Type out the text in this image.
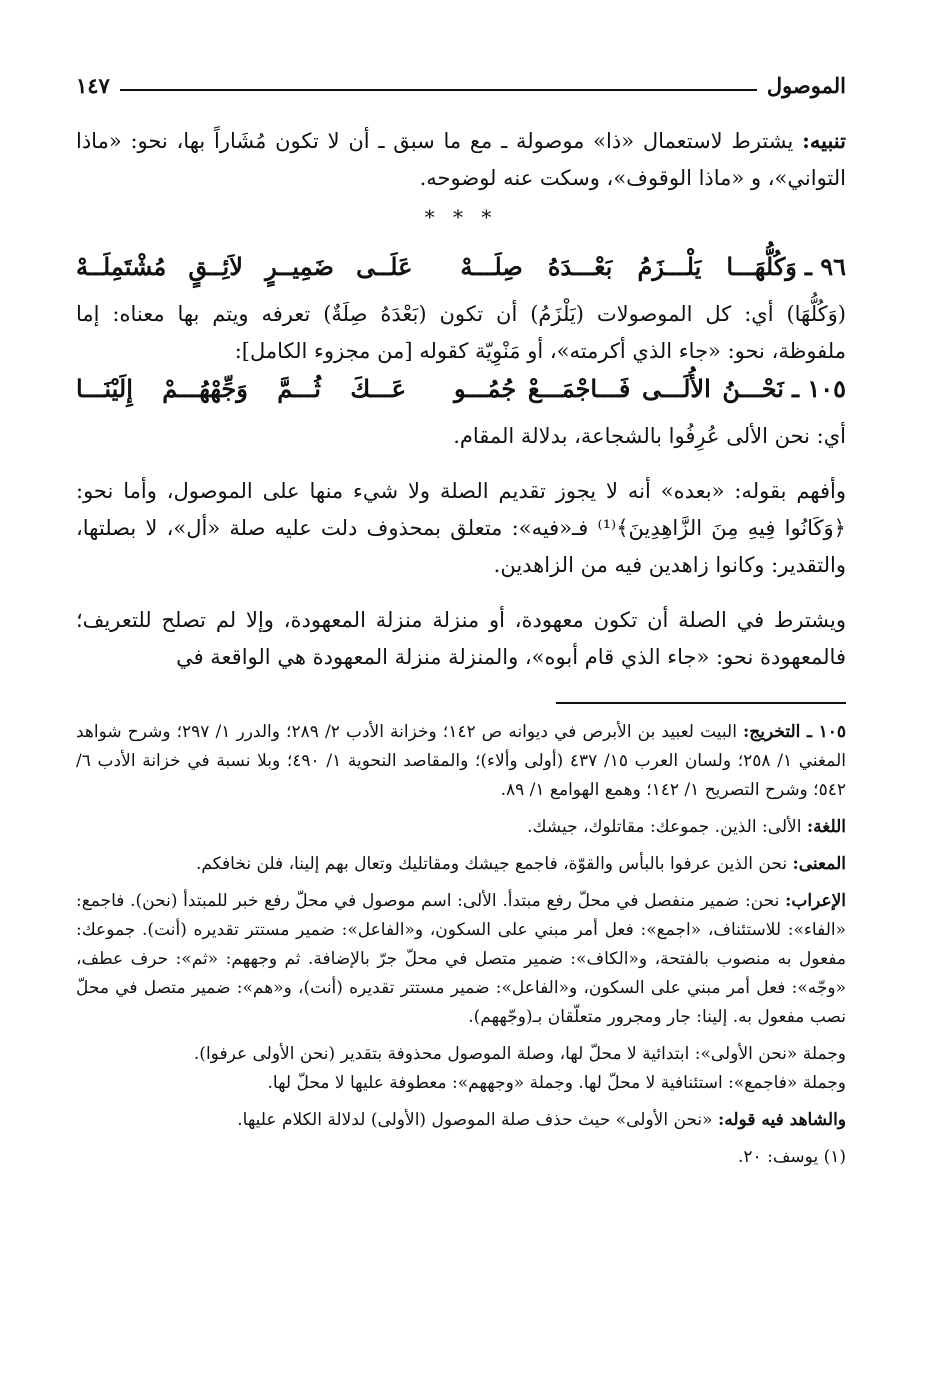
الموصول
١٤٧

تنبيه: يشترط لاستعمال «ذا» موصولة ـ مع ما سبق ـ أن لا تكون مُشَاراً بها، نحو: «ماذا التواني»، و «ماذا الوقوف»، وسكت عنه لوضوحه.

* * *
٩٦ ـ
وَكُلُّهَـــا يَلْـــزَمُ بَعْـــدَهُ صِلَـــهْ
عَلَــى ضَمِيــرٍ لاَئِــقٍ مُشْتَمِلَــهْ

(وَكُلُّهَا) أي: كل الموصولات (يَلْزَمُ) أن تكون (بَعْدَهُ صِلَةٌ) تعرفه ويتم بها معناه: إما ملفوظة، نحو: «جاء الذي أكرمته»، أو مَنْوِيّة كقوله [من مجزوء الكامل]:

١٠٥ ـ
نَحْـــنُ الأُلَـــى فَـــاجْمَـــعْ جُمُـــو
عَـــكَ ثُـــمَّ وَجِّهْهُـــمْ إِلَيْنَـــا

أي: نحن الألى عُرِفُوا بالشجاعة، بدلالة المقام.

وأفهم بقوله: «بعده» أنه لا يجوز تقديم الصلة ولا شيء منها على الموصول، وأما نحو: ﴿وَكَانُوا فِيهِ مِنَ الزَّاهِدِينَ﴾⁽¹⁾ فـ«فيه»: متعلق بمحذوف دلت عليه صلة «أل»، لا بصلتها، والتقدير: وكانوا زاهدين فيه من الزاهدين.

ويشترط في الصلة أن تكون معهودة، أو منزلة منزلة المعهودة، وإلا لم تصلح للتعريف؛ فالمعهودة نحو: «جاء الذي قام أبوه»، والمنزلة منزلة المعهودة هي الواقعة في

١٠٥ ـ التخريج: البيت لعبيد بن الأبرص في ديوانه ص ١٤٢؛ وخزانة الأدب ٢/ ٢٨٩؛ والدرر ١/ ٢٩٧؛ وشرح شواهد المغني ١/ ٢٥٨؛ ولسان العرب ١٥/ ٤٣٧ (أولى وألاء)؛ والمقاصد النحوية ١/ ٤٩٠؛ وبلا نسبة في خزانة الأدب ٦/ ٥٤٢؛ وشرح التصريح ١/ ١٤٢؛ وهمع الهوامع ١/ ٨٩.

اللغة: الألى: الذين. جموعك: مقاتلوك، جيشك.

المعنى: نحن الذين عرفوا بالبأس والقوّة، فاجمع جيشك ومقاتليك وتعال بهم إلينا، فلن نخافكم.

الإعراب: نحن: ضمير منفصل في محلّ رفع مبتدأ. الألى: اسم موصول في محلّ رفع خبر للمبتدأ (نحن). فاجمع: «الفاء»: للاستئناف، «اجمع»: فعل أمر مبني على السكون، و«الفاعل»: ضمير مستتر تقديره (أنت). جموعك: مفعول به منصوب بالفتحة، و«الكاف»: ضمير متصل في محلّ جرّ بالإضافة. ثم وجههم: «ثم»: حرف عطف، «وجّه»: فعل أمر مبني على السكون، و«الفاعل»: ضمير مستتر تقديره (أنت)، و«هم»: ضمير متصل في محلّ نصب مفعول به. إلينا: جار ومجرور متعلّقان بـ(وجّههم).

وجملة «نحن الأولى»: ابتدائية لا محلّ لها، وصلة الموصول محذوفة بتقدير (نحن الأولى عرفوا).

وجملة «فاجمع»: استئنافية لا محلّ لها. وجملة «وجههم»: معطوفة عليها لا محلّ لها.

والشاهد فيه قوله: «نحن الأولى» حيث حذف صلة الموصول (الأولى) لدلالة الكلام عليها.

(١) يوسف: ٢٠.
